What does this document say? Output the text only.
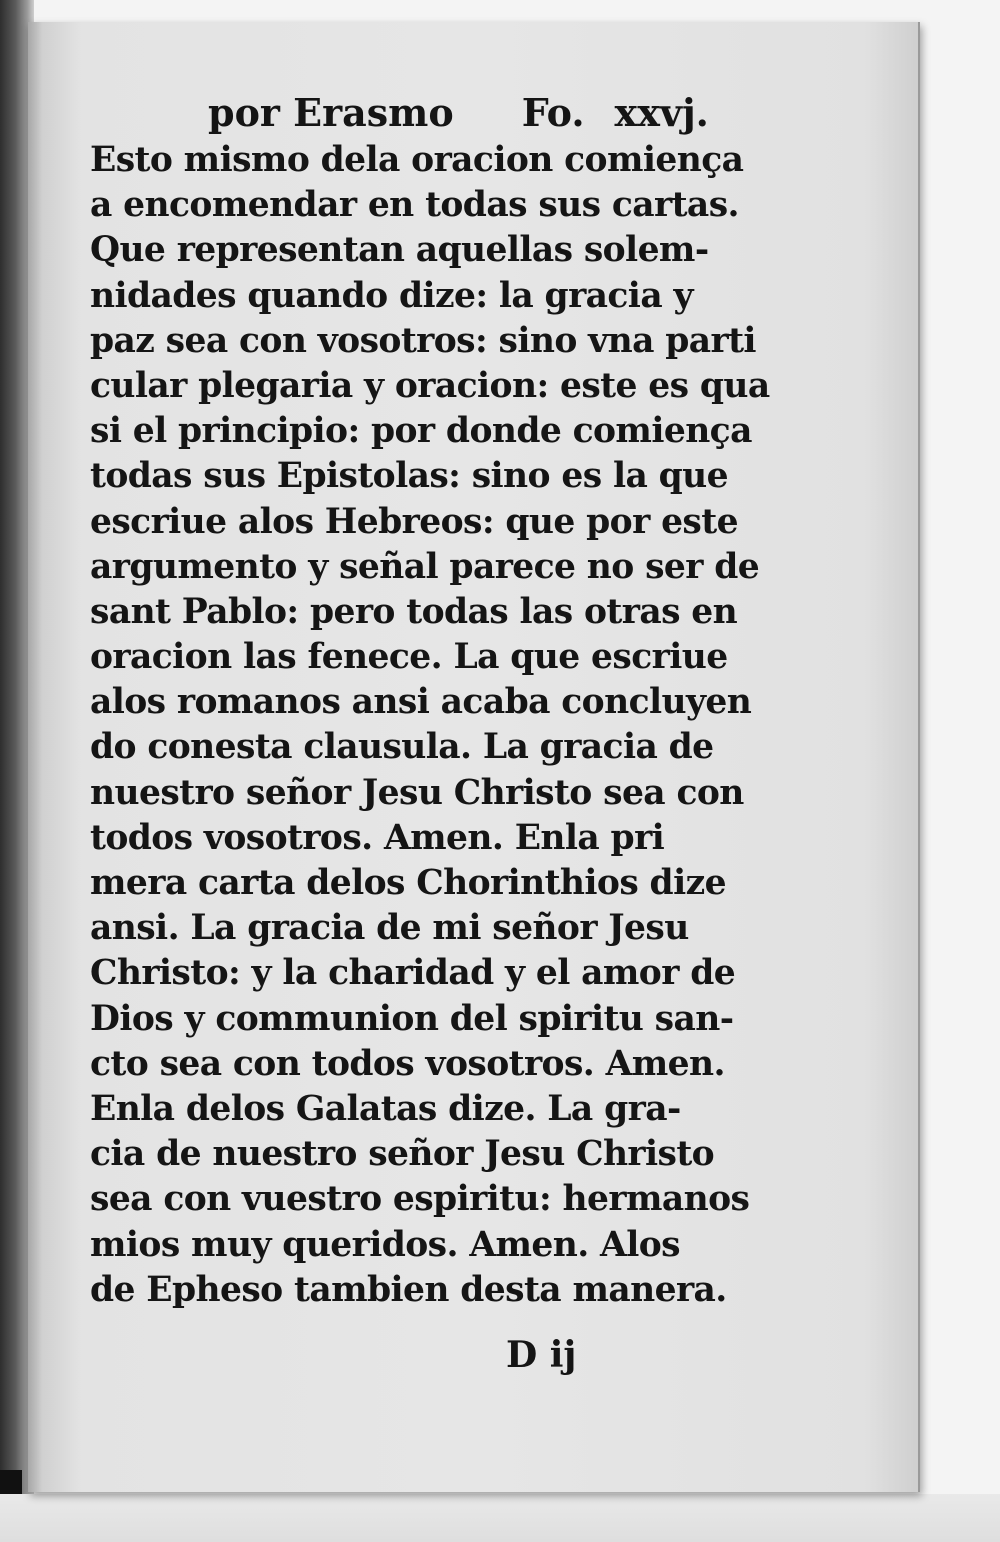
por Erasmo Fo. xxvj.
Esto mismo dela oracion comiença
a encomendar en todas sus cartas.
Que representan aquellas solem-
nidades quando dize: la gracia y
paz sea con vosotros: sino vna parti
cular plegaria y oracion: este es qua
si el principio: por donde comiença
todas sus Epistolas: sino es la que
escriue alos Hebreos: que por este
argumento y señal parece no ser de
sant Pablo: pero todas las otras en
oracion las fenece. La que escriue
alos romanos ansi acaba concluyen
do conesta clausula. La gracia de
nuestro señor Jesu Christo sea con
todos vosotros. Amen. Enla pri
mera carta delos Chorinthios dize
ansi. La gracia de mi señor Jesu
Christo: y la charidad y el amor de
Dios y communion del spiritu san-
cto sea con todos vosotros. Amen.
Enla delos Galatas dize. La gra-
cia de nuestro señor Jesu Christo
sea con vuestro espiritu: hermanos
mios muy queridos. Amen. Alos
de Epheso tambien desta manera.
D ij
